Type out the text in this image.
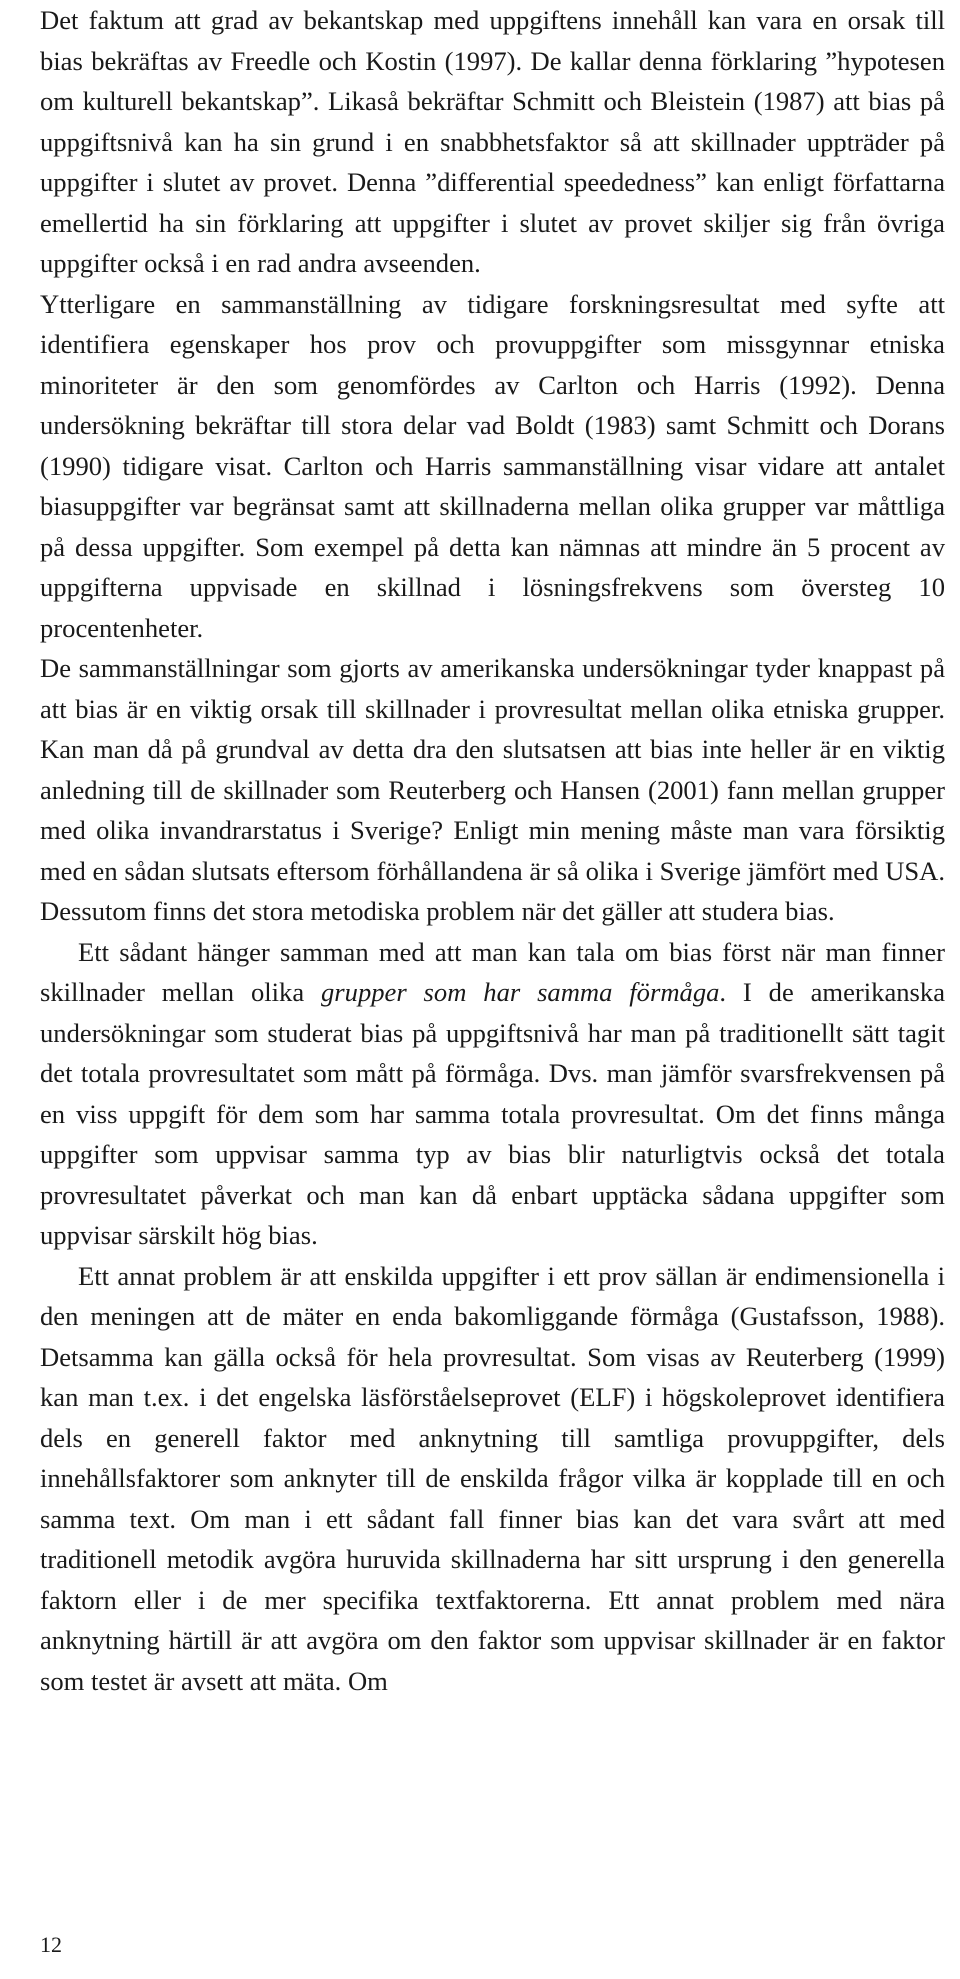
Det faktum att grad av bekantskap med uppgiftens innehåll kan vara en orsak till bias bekräftas av Freedle och Kostin (1997). De kallar denna förklaring ”hypotesen om kulturell bekantskap”. Likaså bekräftar Schmitt och Bleistein (1987) att bias på uppgiftsnivå kan ha sin grund i en snabbhetsfaktor så att skillnader uppträder på uppgifter i slutet av provet. Denna ”differential speededness” kan enligt författarna emellertid ha sin förklaring att uppgifter i slutet av provet skiljer sig från övriga uppgifter också i en rad andra avseenden.

Ytterligare en sammanställning av tidigare forskningsresultat med syfte att identifiera egenskaper hos prov och provuppgifter som missgynnar etniska minoriteter är den som genomfördes av Carlton och Harris (1992). Denna undersökning bekräftar till stora delar vad Boldt (1983) samt Schmitt och Dorans (1990) tidigare visat. Carlton och Harris sammanställning visar vidare att antalet biasuppgifter var begränsat samt att skillnaderna mellan olika grupper var måttliga på dessa uppgifter. Som exempel på detta kan nämnas att mindre än 5 procent av uppgifterna uppvisade en skillnad i lösningsfrekvens som översteg 10 procentenheter.

De sammanställningar som gjorts av amerikanska undersökningar tyder knappast på att bias är en viktig orsak till skillnader i provresultat mellan olika etniska grupper. Kan man då på grundval av detta dra den slutsatsen att bias inte heller är en viktig anledning till de skillnader som Reuterberg och Hansen (2001) fann mellan grupper med olika invandrarstatus i Sverige? Enligt min mening måste man vara försiktig med en sådan slutsats eftersom förhållandena är så olika i Sverige jämfört med USA. Dessutom finns det stora metodiska problem när det gäller att studera bias.

Ett sådant hänger samman med att man kan tala om bias först när man finner skillnader mellan olika grupper som har samma förmåga. I de amerikanska undersökningar som studerat bias på uppgiftsnivå har man på traditionellt sätt tagit det totala provresultatet som mått på förmåga. Dvs. man jämför svarsfrekvensen på en viss uppgift för dem som har samma totala provresultat. Om det finns många uppgifter som uppvisar samma typ av bias blir naturligtvis också det totala provresultatet påverkat och man kan då enbart upptäcka sådana uppgifter som uppvisar särskilt hög bias.

Ett annat problem är att enskilda uppgifter i ett prov sällan är endimensionella i den meningen att de mäter en enda bakomliggande förmåga (Gustafsson, 1988). Detsamma kan gälla också för hela provresultat. Som visas av Reuterberg (1999) kan man t.ex. i det engelska läsförståelseprovet (ELF) i högskoleprovet identifiera dels en generell faktor med anknytning till samtliga provuppgifter, dels innehållsfaktorer som anknyter till de enskilda frågor vilka är kopplade till en och samma text. Om man i ett sådant fall finner bias kan det vara svårt att med traditionell metodik avgöra huruvida skillnaderna har sitt ursprung i den generella faktorn eller i de mer specifika textfaktorerna. Ett annat problem med nära anknytning härtill är att avgöra om den faktor som uppvisar skillnader är en faktor som testet är avsett att mäta. Om

12
